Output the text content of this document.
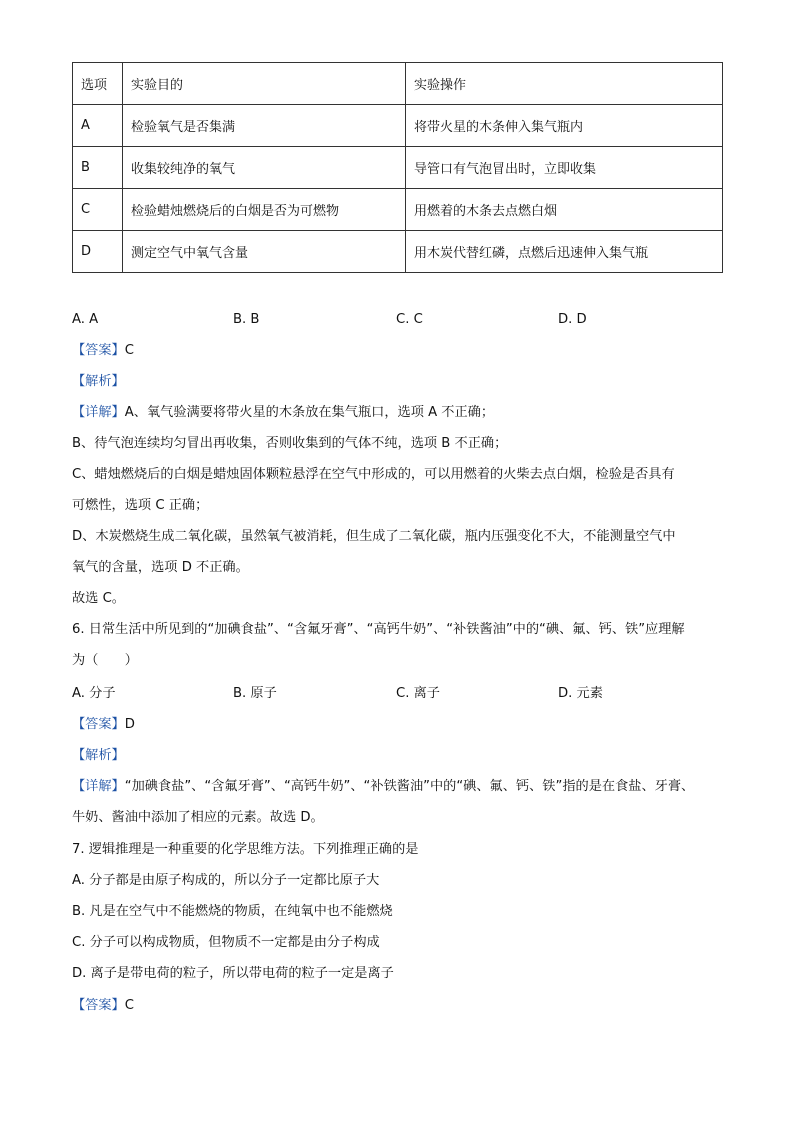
选项	实验目的	实验操作
A	检验氧气是否集满	将带火星的木条伸入集气瓶内
B	收集较纯净的氧气	导管口有气泡冒出时，立即收集
C	检验蜡烛燃烧后的白烟是否为可燃物	用燃着的木条去点燃白烟
D	测定空气中氧气含量	用木炭代替红磷，点燃后迅速伸入集气瓶
A. A	B. B	C. C	D. D
【答案】C
【解析】
【详解】A、氧气验满要将带火星的木条放在集气瓶口，选项 A 不正确；
B、待气泡连续均匀冒出再收集，否则收集到的气体不纯，选项 B 不正确；
C、蜡烛燃烧后的白烟是蜡烛固体颗粒悬浮在空气中形成的，可以用燃着的火柴去点白烟，检验是否具有
可燃性，选项 C 正确；
D、木炭燃烧生成二氧化碳，虽然氧气被消耗，但生成了二氧化碳，瓶内压强变化不大，不能测量空气中
氧气的含量，选项 D 不正确。
故选 C。
6. 日常生活中所见到的“加碘食盐”、“含氟牙膏”、“高钙牛奶”、“补铁酱油”中的“碘、氟、钙、铁”应理解
为（　　）
A. 分子	B. 原子	C. 离子	D. 元素
【答案】D
【解析】
【详解】“加碘食盐”、“含氟牙膏”、“高钙牛奶”、“补铁酱油”中的“碘、氟、钙、铁”指的是在食盐、牙膏、
牛奶、酱油中添加了相应的元素。故选 D。
7. 逻辑推理是一种重要的化学思维方法。下列推理正确的是
A. 分子都是由原子构成的，所以分子一定都比原子大
B. 凡是在空气中不能燃烧的物质，在纯氧中也不能燃烧
C. 分子可以构成物质，但物质不一定都是由分子构成
D. 离子是带电荷的粒子，所以带电荷的粒子一定是离子
【答案】C
